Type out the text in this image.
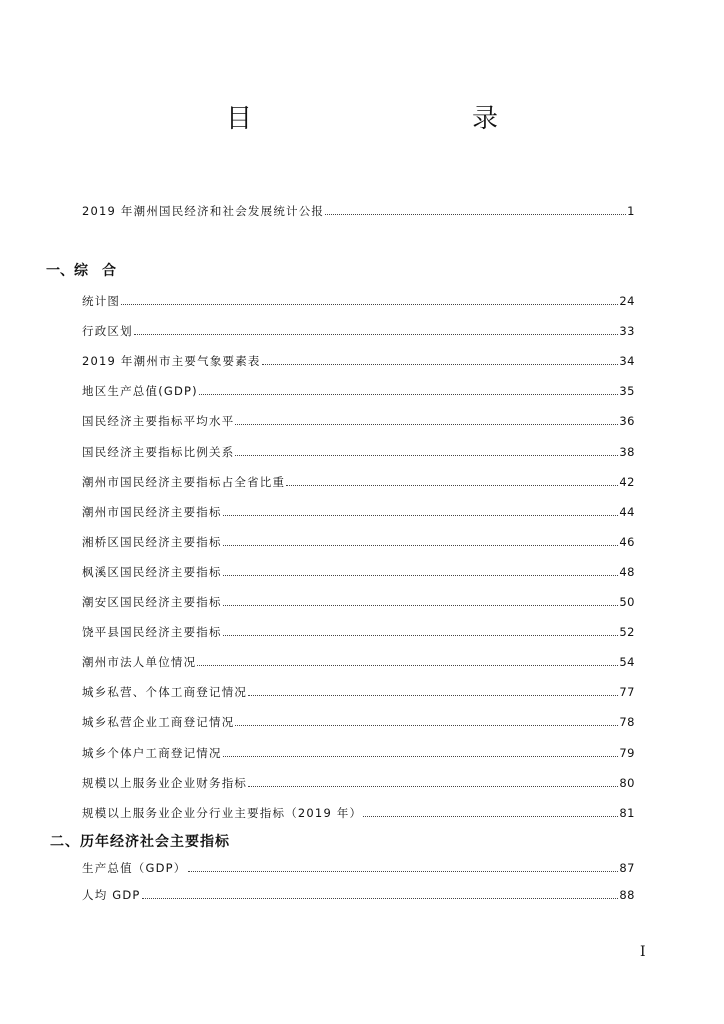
目　　录
2019 年潮州国民经济和社会发展统计公报	1
一、综　合
统计图	24
行政区划	33
2019 年潮州市主要气象要素表	34
地区生产总值(GDP)	35
国民经济主要指标平均水平	36
国民经济主要指标比例关系	38
潮州市国民经济主要指标占全省比重	42
潮州市国民经济主要指标	44
湘桥区国民经济主要指标	46
枫溪区国民经济主要指标	48
潮安区国民经济主要指标	50
饶平县国民经济主要指标	52
潮州市法人单位情况	54
城乡私营、个体工商登记情况	77
城乡私营企业工商登记情况	78
城乡个体户工商登记情况	79
规模以上服务业企业财务指标	80
规模以上服务业企业分行业主要指标（2019 年）	81
二、历年经济社会主要指标
生产总值（GDP）	87
人均 GDP	88
I
